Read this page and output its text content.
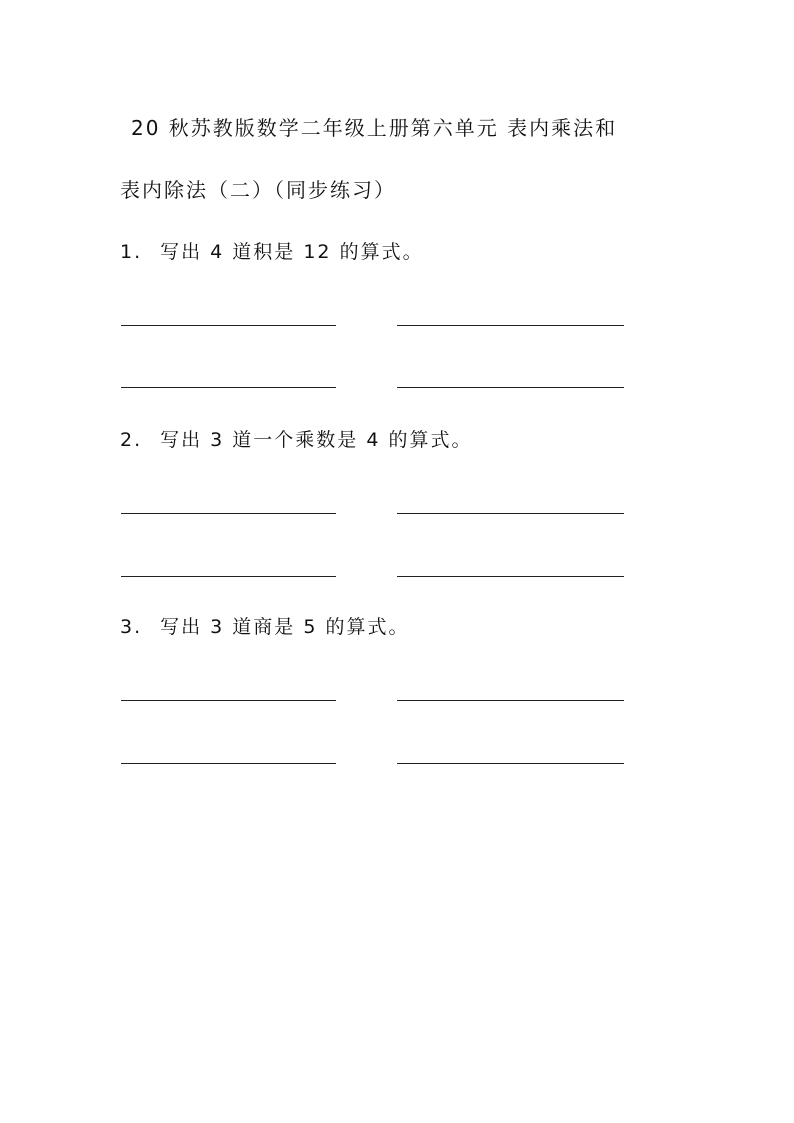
20 秋苏教版数学二年级上册第六单元 表内乘法和
表内除法（二）（同步练习）
1. 写出 4 道积是 12 的算式。
2. 写出 3 道一个乘数是 4 的算式。
3. 写出 3 道商是 5 的算式。
